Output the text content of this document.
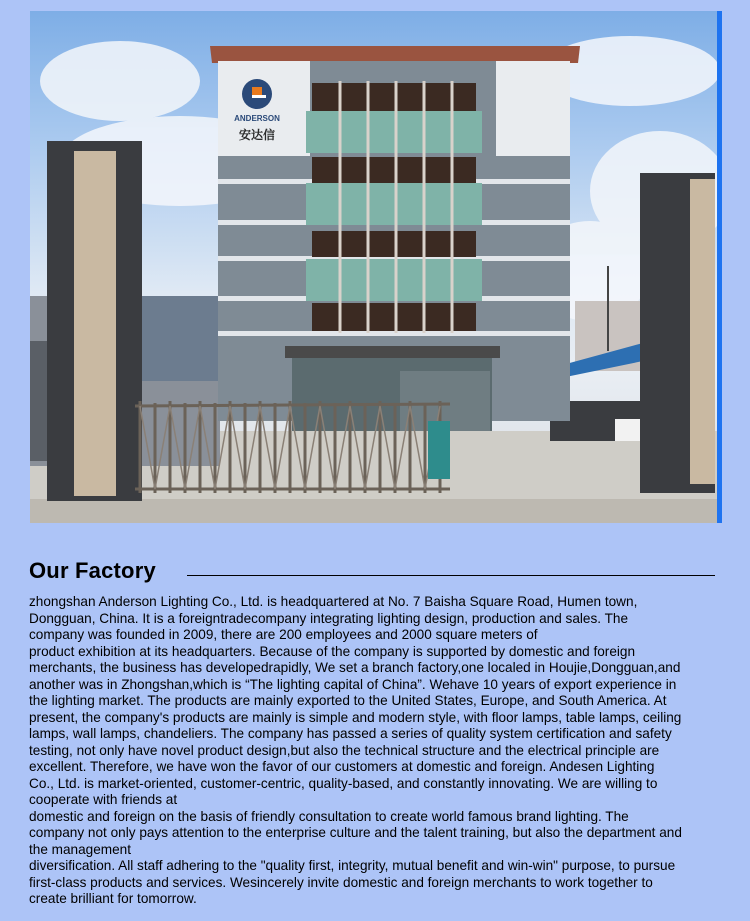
ANDERSON
安达信
Our Factory

zhongshan Anderson Lighting Co., Ltd. is headquartered at No. 7 Baisha Square Road, Humen town,

Dongguan, China. It is a foreigntradecompany integrating lighting design, production and sales. The

company was founded in 2009, there are 200 employees and 2000 square meters of

product exhibition at its headquarters. Because of the company is supported by domestic and foreign

merchants, the business has developedrapidly, We set a branch factory,one localed in Houjie,Dongguan,and

another was in Zhongshan,which is “The lighting capital of China”. Wehave 10 years of export experience in

the lighting market. The products are mainly exported to the United States, Europe, and South America. At

present, the company's products are mainly is simple and modern style, with floor lamps, table lamps, ceiling

lamps, wall lamps, chandeliers. The company has passed a series of quality system certification and safety

testing, not only have novel product design,but also the technical structure and the electrical principle are

excellent. Therefore, we have won the favor of our customers at domestic and foreign. Andesen Lighting

Co., Ltd. is market-oriented, customer-centric, quality-based, and constantly innovating. We are willing to

cooperate with friends at

domestic and foreign on the basis of friendly consultation to create world famous brand lighting. The

company not only pays attention to the enterprise culture and the talent training, but also the department and

the management

diversification. All staff adhering to the "quality first, integrity, mutual benefit and win-win" purpose, to pursue

first-class products and services. Wesincerely invite domestic and foreign merchants to work together to

create brilliant for tomorrow.
